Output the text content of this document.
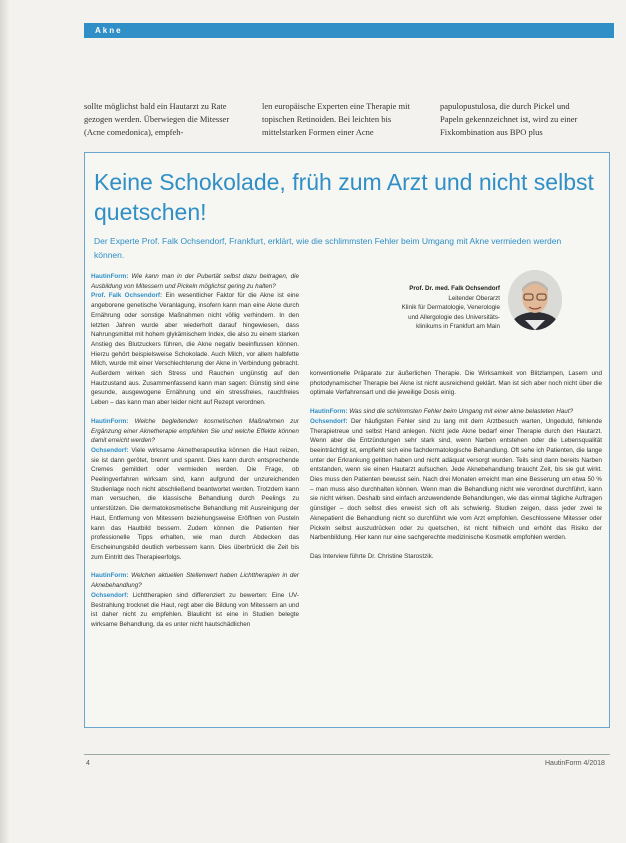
Akne
sollte möglichst bald ein Hautarzt zu Rate gezogen werden. Überwiegen die Mitesser (Acne comedonica), empfeh-
len europäische Experten eine Therapie mit topischen Retinoiden. Bei leichten bis mittelstarken Formen einer Acne
papulopustulosa, die durch Pickel und Papeln gekennzeichnet ist, wird zu einer Fixkombination aus BPO plus
Keine Schokolade, früh zum Arzt und nicht selbst quetschen!
Der Experte Prof. Falk Ochsendorf, Frankfurt, erklärt, wie die schlimmsten Fehler beim Umgang mit Akne vermieden werden können.
Prof. Dr. med. Falk Ochsendorf
Leitender Oberarzt
Klinik für Dermatologie, Venerologie
und Allergologie des Universitäts-
klinikums in Frankfurt am Main

HautinForm: Wie kann man in der Pubertät selbst dazu beitragen, die Ausbildung von Mitessern und Pickeln möglichst gering zu halten?
Prof. Falk Ochsendorf: Ein wesentlicher Faktor für die Akne ist eine angeborene genetische Veranlagung, insofern kann man eine Akne durch Ernährung oder sonstige Maßnahmen nicht völlig verhindern. In den letzten Jahren wurde aber wiederholt darauf hingewiesen, dass Nahrungsmittel mit hohem glykämischem Index, die also zu einem starken Anstieg des Blutzuckers führen, die Akne negativ beeinflussen können. Hierzu gehört beispielsweise Schokolade. Auch Milch, vor allem halbfette Milch, wurde mit einer Verschlechterung der Akne in Verbindung gebracht. Außerdem wirken sich Stress und Rauchen ungünstig auf den Hautzustand aus. Zusammenfassend kann man sagen: Günstig sind eine gesunde, ausgewogene Ernährung und ein stressfreies, rauchfreies Leben – das kann man aber leider nicht auf Rezept verordnen.

HautinForm: Welche begleitenden kosmetischen Maßnahmen zur Ergänzung einer Aknetherapie empfehlen Sie und welche Effekte können damit erreicht werden?
Ochsendorf: Viele wirksame Aknetherapeutika können die Haut reizen, sie ist dann gerötet, brennt und spannt. Dies kann durch entsprechende Cremes gemildert oder vermieden werden. Die Frage, ob Peelingverfahren wirksam sind, kann aufgrund der unzureichenden Studienlage noch nicht abschließend beantwortet werden. Trotzdem kann man versuchen, die klassische Behandlung durch Peelings zu unterstützen. Die dermatokosmetische Behandlung mit Ausreinigung der Haut, Entfernung von Mitessern beziehungsweise Eröffnen von Pusteln kann das Hautbild bessern. Zudem können die Patienten hier professionelle Tipps erhalten, wie man durch Abdecken das Erscheinungsbild deutlich verbessern kann. Dies überbrückt die Zeit bis zum Eintritt des Therapieerfolgs.

HautinForm: Welchen aktuellen Stellenwert haben Lichttherapien in der Aknebehandlung?
Ochsendorf: Lichttherapien sind differenziert zu bewerten: Eine UV-Bestrahlung trocknet die Haut, regt aber die Bildung von Mitessern an und ist daher nicht zu empfehlen. Blaulicht ist eine in Studien belegte wirksame Behandlung, da es unter nicht hautschädlichen

konventionelle Präparate zur äußerlichen Therapie. Die Wirksamkeit von Blitzlampen, Lasern und photodynamischer Therapie bei Akne ist nicht ausreichend geklärt. Man ist sich aber noch nicht über die optimale Verfahrensart und die jeweilige Dosis einig.

HautinForm: Was sind die schlimmsten Fehler beim Umgang mit einer akne belasteten Haut?
Ochsendorf: Der häufigsten Fehler sind zu lang mit dem Arztbesuch warten, Ungeduld, fehlende Therapietreue und selbst Hand anlegen. Nicht jede Akne bedarf einer Therapie durch den Hautarzt. Wenn aber die Entzündungen sehr stark sind, wenn Narben entstehen oder die Lebensqualität beeinträchtigt ist, empfiehlt sich eine fachdermatologische Behandlung. Oft sehe ich Patienten, die lange unter der Erkrankung gelitten haben und nicht adäquat versorgt wurden. Teils sind dann bereits Narben entstanden, wenn sie einen Hautarzt aufsuchen. Jede Aknebehandlung braucht Zeit, bis sie gut wirkt. Dies muss den Patienten bewusst sein. Nach drei Monaten erreicht man eine Besserung um etwa 50 % – man muss also durchhalten können. Wenn man die Behandlung nicht wie verordnet durchführt, kann sie nicht wirken. Deshalb sind einfach anzuwendende Behandlungen, wie das einmal tägliche Auftragen günstiger – doch selbst dies erweist sich oft als schwierig. Studien zeigen, dass jeder zwei te Aknepatient die Behandlung nicht so durchführt wie vom Arzt empfohlen. Geschlossene Mitesser oder Pickeln selbst auszudrücken oder zu quetschen, ist nicht hilfreich und erhöht das Risiko der Narbenbildung. Hier kann nur eine sachgerechte medizinische Kosmetik empfohlen werden.

Das Interview führte Dr. Christine Starostzik.

4	HautinForm 4/2018
